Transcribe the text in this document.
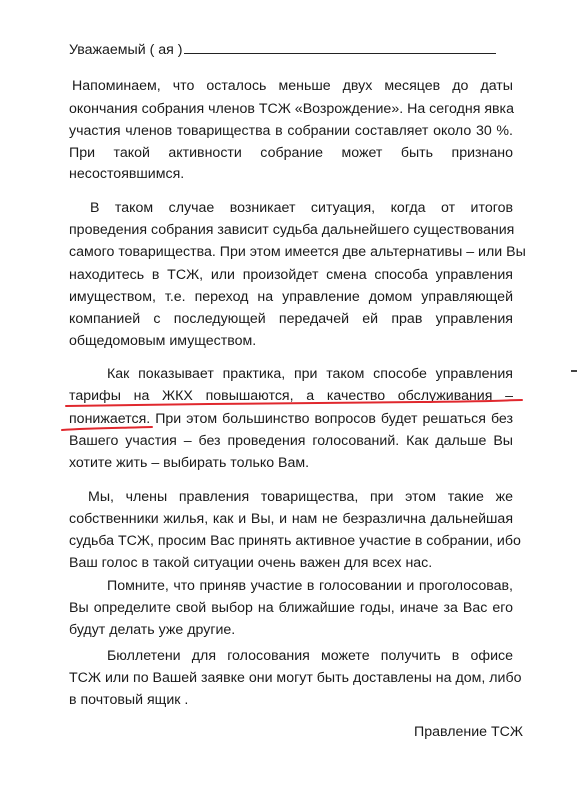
Уважаемый ( ая )
Напоминаем, что осталось меньше двух месяцев до даты
окончания собрания членов ТСЖ «Возрождение». На сегодня явка
участия членов товарищества в собрании составляет около 30 %.
При такой активности собрание может быть признано
несостоявшимся.
В таком случае возникает ситуация, когда от итогов
проведения собрания зависит судьба дальнейшего существования
самого товарищества. При этом имеется две альтернативы – или Вы
находитесь в ТСЖ, или произойдет смена способа управления
имуществом, т.е. переход на управление домом управляющей
компанией с последующей передачей ей прав управления
общедомовым имуществом.
Как показывает практика, при таком способе управления
тарифы на ЖКХ повышаются, а качество обслуживания –
понижается. При этом большинство вопросов будет решаться без
Вашего участия – без проведения голосований. Как дальше Вы
хотите жить – выбирать только Вам.
Мы, члены правления товарищества, при этом такие же
собственники жилья, как и Вы, и нам не безразлична дальнейшая
судьба ТСЖ, просим Вас принять активное участие в собрании, ибо
Ваш голос в такой ситуации очень важен для всех нас.
Помните, что приняв участие в голосовании и проголосовав,
Вы определите свой выбор на ближайшие годы, иначе за Вас его
будут делать уже другие.
Бюллетени для голосования можете получить в офисе
ТСЖ или по Вашей заявке они могут быть доставлены на дом, либо
в почтовый ящик .
Правление ТСЖ
